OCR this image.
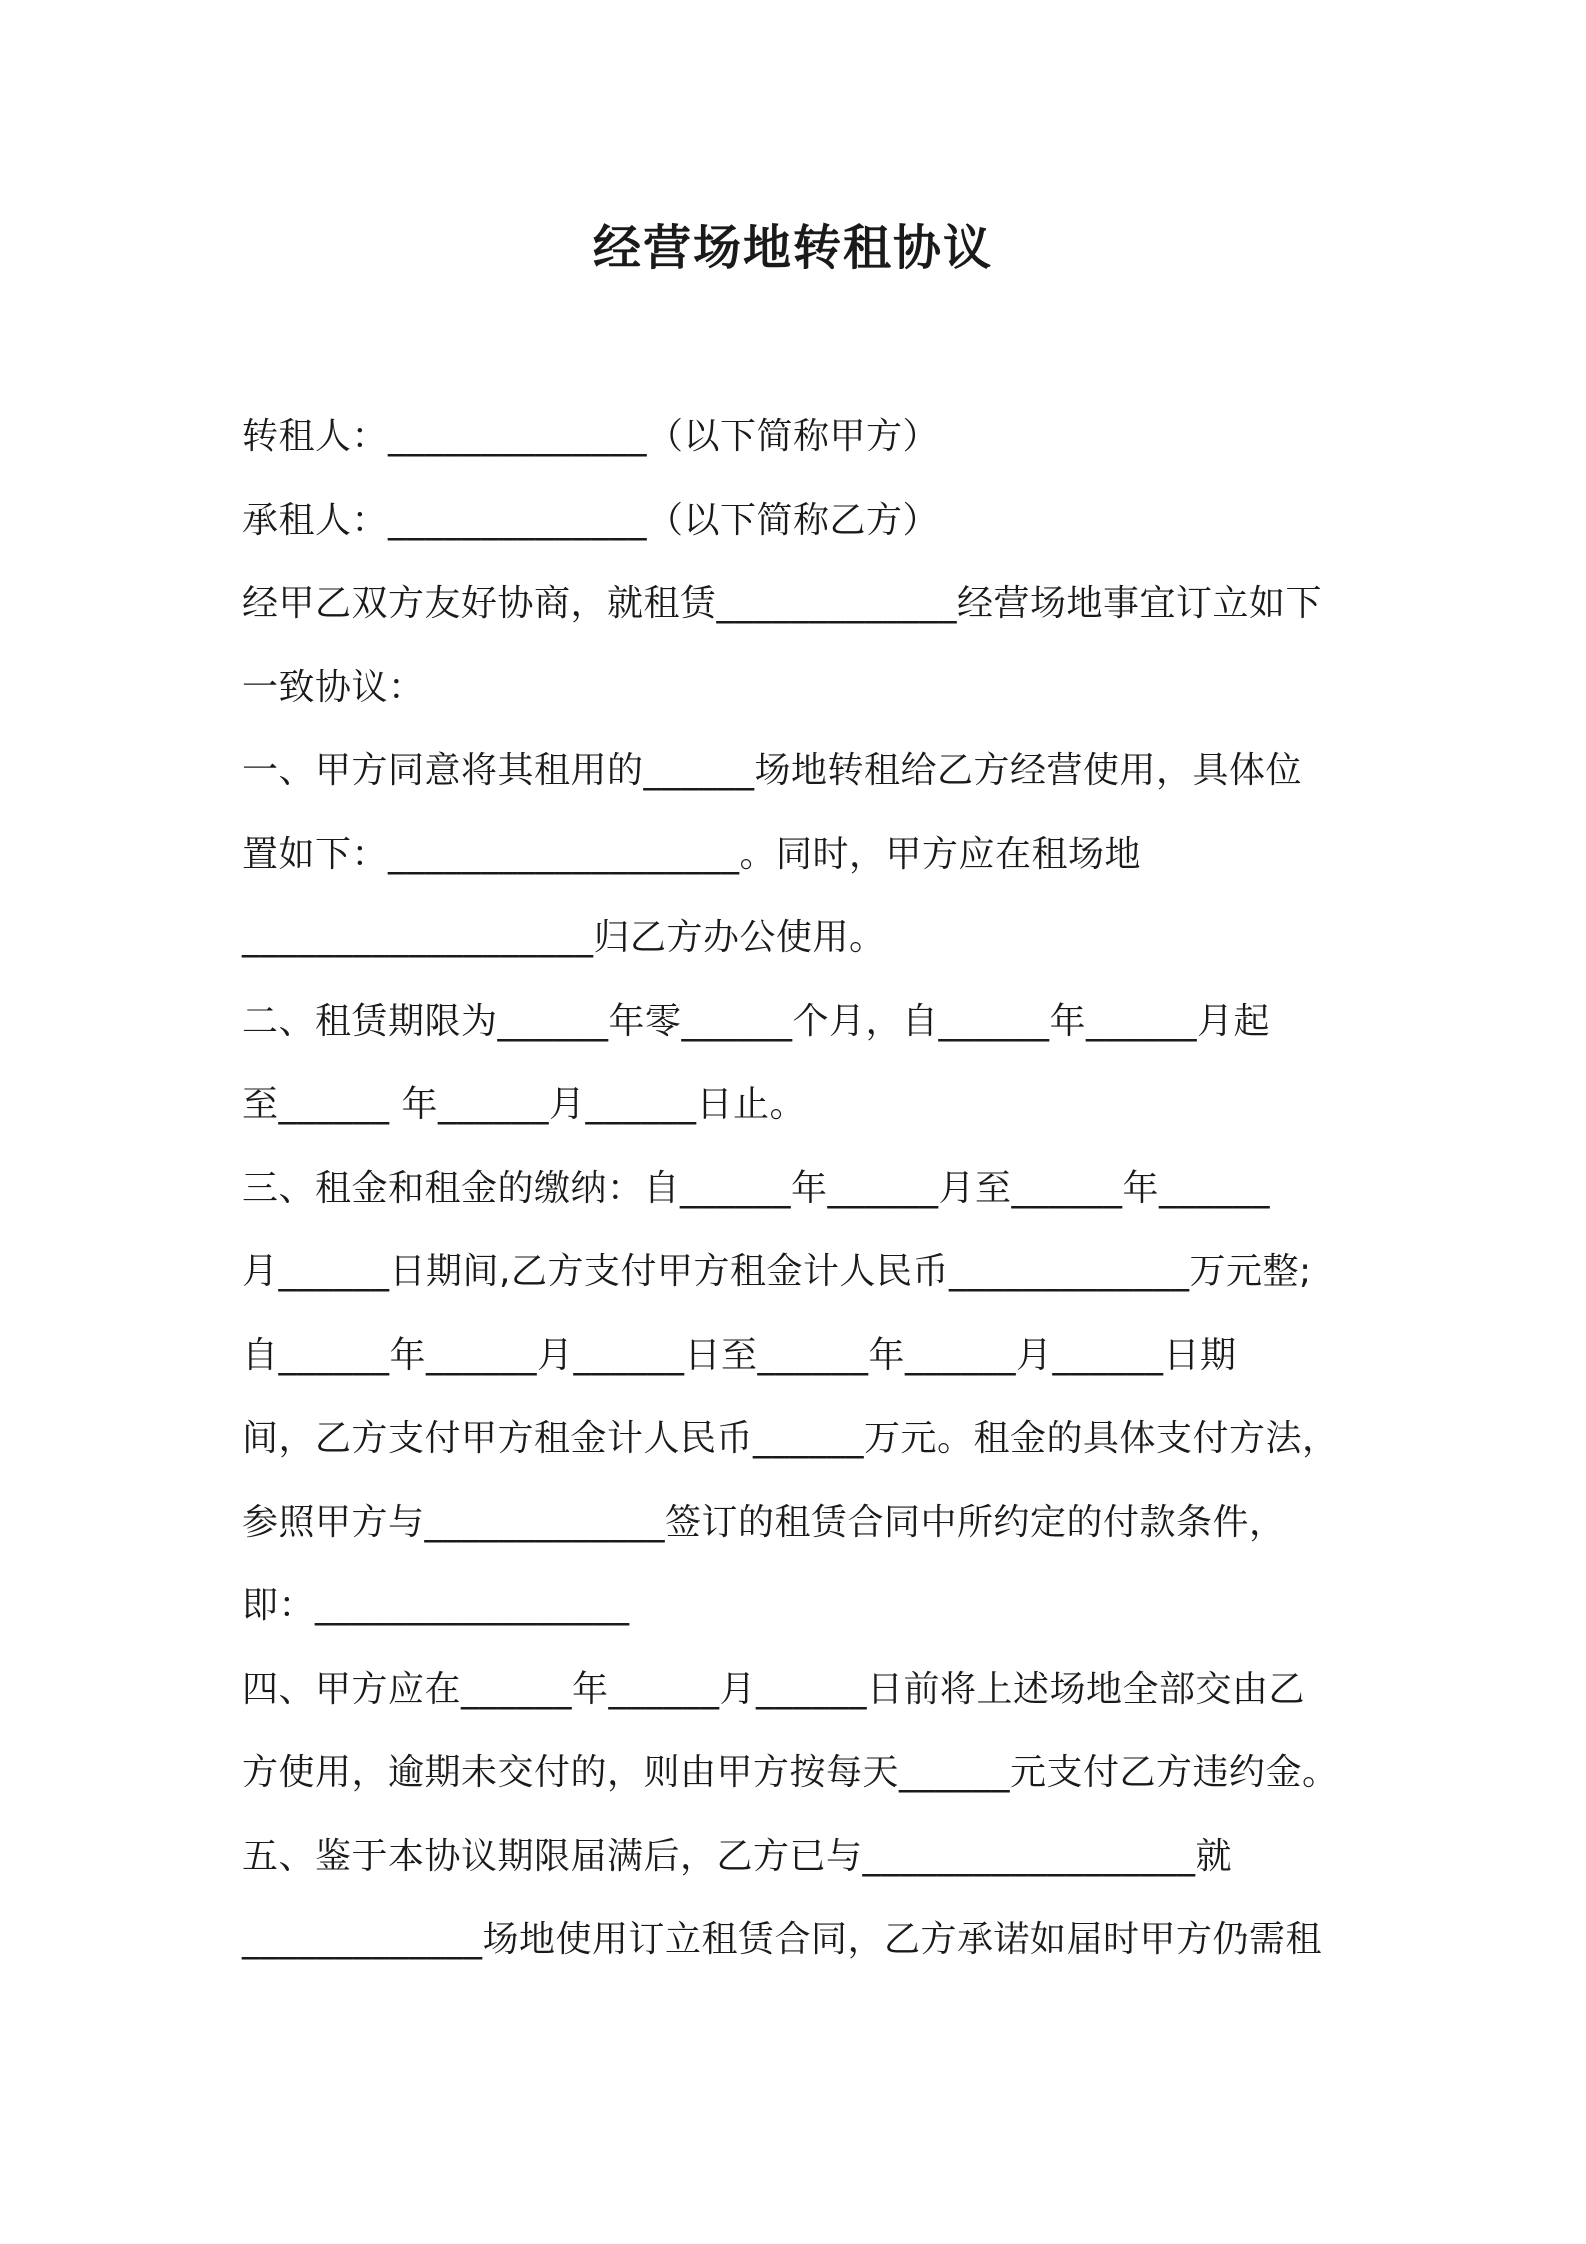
经营场地转租协议
转租人：______________（以下简称甲方）
承租人：______________（以下简称乙方）
经甲乙双方友好协商，就租赁_____________经营场地事宜订立如下
一致协议：
一、甲方同意将其租用的______场地转租给乙方经营使用，具体位
置如下：___________________。同时，甲方应在租场地
___________________归乙方办公使用。
二、租赁期限为______年零______个月，自______年______月起
至______ 年______月______日止。
三、租金和租金的缴纳：自______年______月至______年______
月______日期间,乙方支付甲方租金计人民币_____________万元整;
自______年______月______日至______年______月______日期
间，乙方支付甲方租金计人民币______万元。租金的具体支付方法，
参照甲方与_____________签订的租赁合同中所约定的付款条件，
即：_________________
四、甲方应在______年______月______日前将上述场地全部交由乙
方使用，逾期未交付的，则由甲方按每天______元支付乙方违约金。
五、鉴于本协议期限届满后，乙方已与__________________就
_____________场地使用订立租赁合同，乙方承诺如届时甲方仍需租
